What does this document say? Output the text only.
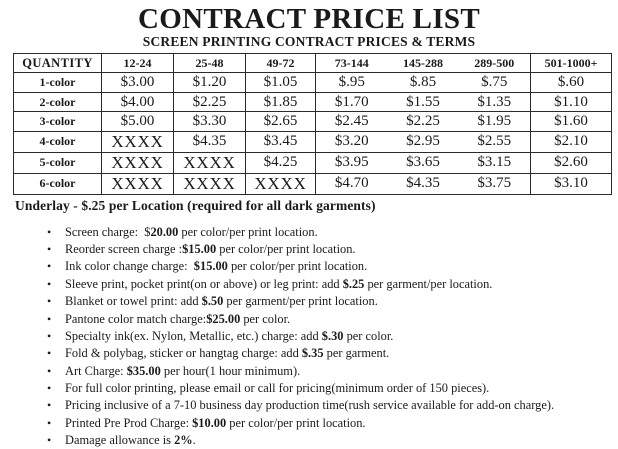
CONTRACT PRICE LIST
SCREEN PRINTING CONTRACT PRICES & TERMS
QUANTITY	12-24	25-48	49-72	73-144	145-288	289-500	501-1000+
1-color	$3.00	$1.20	$1.05	$.95	$.85	$.75	$.60
2-color	$4.00	$2.25	$1.85	$1.70	$1.55	$1.35	$1.10
3-color	$5.00	$3.30	$2.65	$2.45	$2.25	$1.95	$1.60
4-color	XXXX	$4.35	$3.45	$3.20	$2.95	$2.55	$2.10
5-color	XXXX	XXXX	$4.25	$3.95	$3.65	$3.15	$2.60
6-color	XXXX	XXXX	XXXX	$4.70	$4.35	$3.75	$3.10
Underlay - $.25 per Location (required for all dark garments)
• Screen charge:  $20.00 per color/per print location.
• Reorder screen charge :$15.00 per color/per print location.
• Ink color change charge:  $15.00 per color/per print location.
• Sleeve print, pocket print(on or above) or leg print: add $.25 per garment/per location.
• Blanket or towel print: add $.50 per garment/per print location.
• Pantone color match charge:$25.00 per color.
• Specialty ink(ex. Nylon, Metallic, etc.) charge: add $.30 per color.
• Fold & polybag, sticker or hangtag charge: add $.35 per garment.
• Art Charge: $35.00 per hour(1 hour minimum).
• For full color printing, please email or call for pricing(minimum order of 150 pieces).
• Pricing inclusive of a 7-10 business day production time(rush service available for add-on charge).
• Printed Pre Prod Charge: $10.00 per color/per print location.
• Damage allowance is 2%.
